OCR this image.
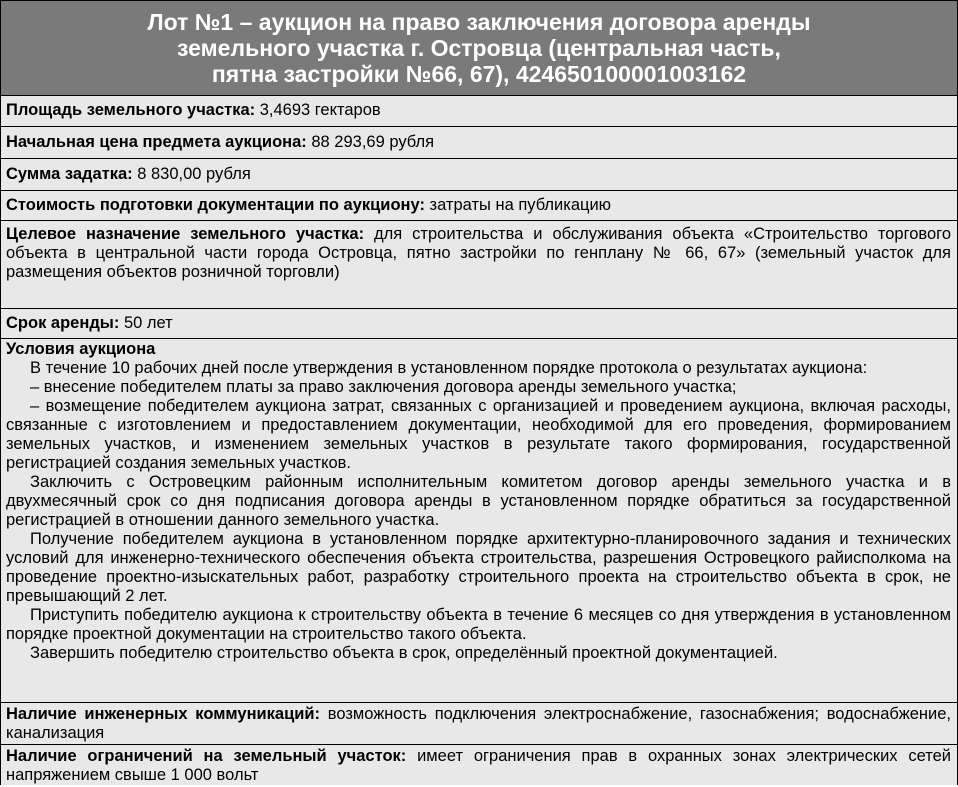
Лот №1 – аукцион на право заключения договора аренды
земельного участка г. Островца (центральная часть,
пятна застройки №66, 67), 424650100001003162
Площадь земельного участка: 3,4693 гектаров
Начальная цена предмета аукциона: 88 293,69 рубля
Сумма задатка: 8 830,00 рубля
Стоимость подготовки документации по аукциону: затраты на публикацию
Целевое назначение земельного участка: для строительства и обслуживания объекта «Строительство торгового объекта в центральной части города Островца, пятно застройки по генплану № 66, 67» (земельный участок для размещения объектов розничной торговли)
Срок аренды: 50 лет
Условия аукциона
В течение 10 рабочих дней после утверждения в установленном порядке протокола о результатах аукциона:
– внесение победителем платы за право заключения договора аренды земельного участка;
– возмещение победителем аукциона затрат, связанных с организацией и проведением аукциона, включая расходы, связанные с изготовлением и предоставлением документации, необходимой для его проведения, формированием земельных участков, и изменением земельных участков в результате такого формирования, государственной регистрацией создания земельных участков.
Заключить с Островецким районным исполнительным комитетом договор аренды земельного участка и в двухмесячный срок со дня подписания договора аренды в установленном порядке обратиться за государственной регистрацией в отношении данного земельного участка.
Получение победителем аукциона в установленном порядке архитектурно-планировочного задания и технических условий для инженерно-технического обеспечения объекта строительства, разрешения Островецкого райисполкома на проведение проектно-изыскательных работ, разработку строительного проекта на строительство объекта в срок, не превышающий 2 лет.
Приступить победителю аукциона к строительству объекта в течение 6 месяцев со дня утверждения в установленном порядке проектной документации на строительство такого объекта.
Завершить победителю строительство объекта в срок, определённый проектной документацией.
Наличие инженерных коммуникаций: возможность подключения электроснабжение, газоснабжения; водоснабжение, канализация
Наличие ограничений на земельный участок: имеет ограничения прав в охранных зонах электрических сетей напряжением свыше 1 000 вольт
